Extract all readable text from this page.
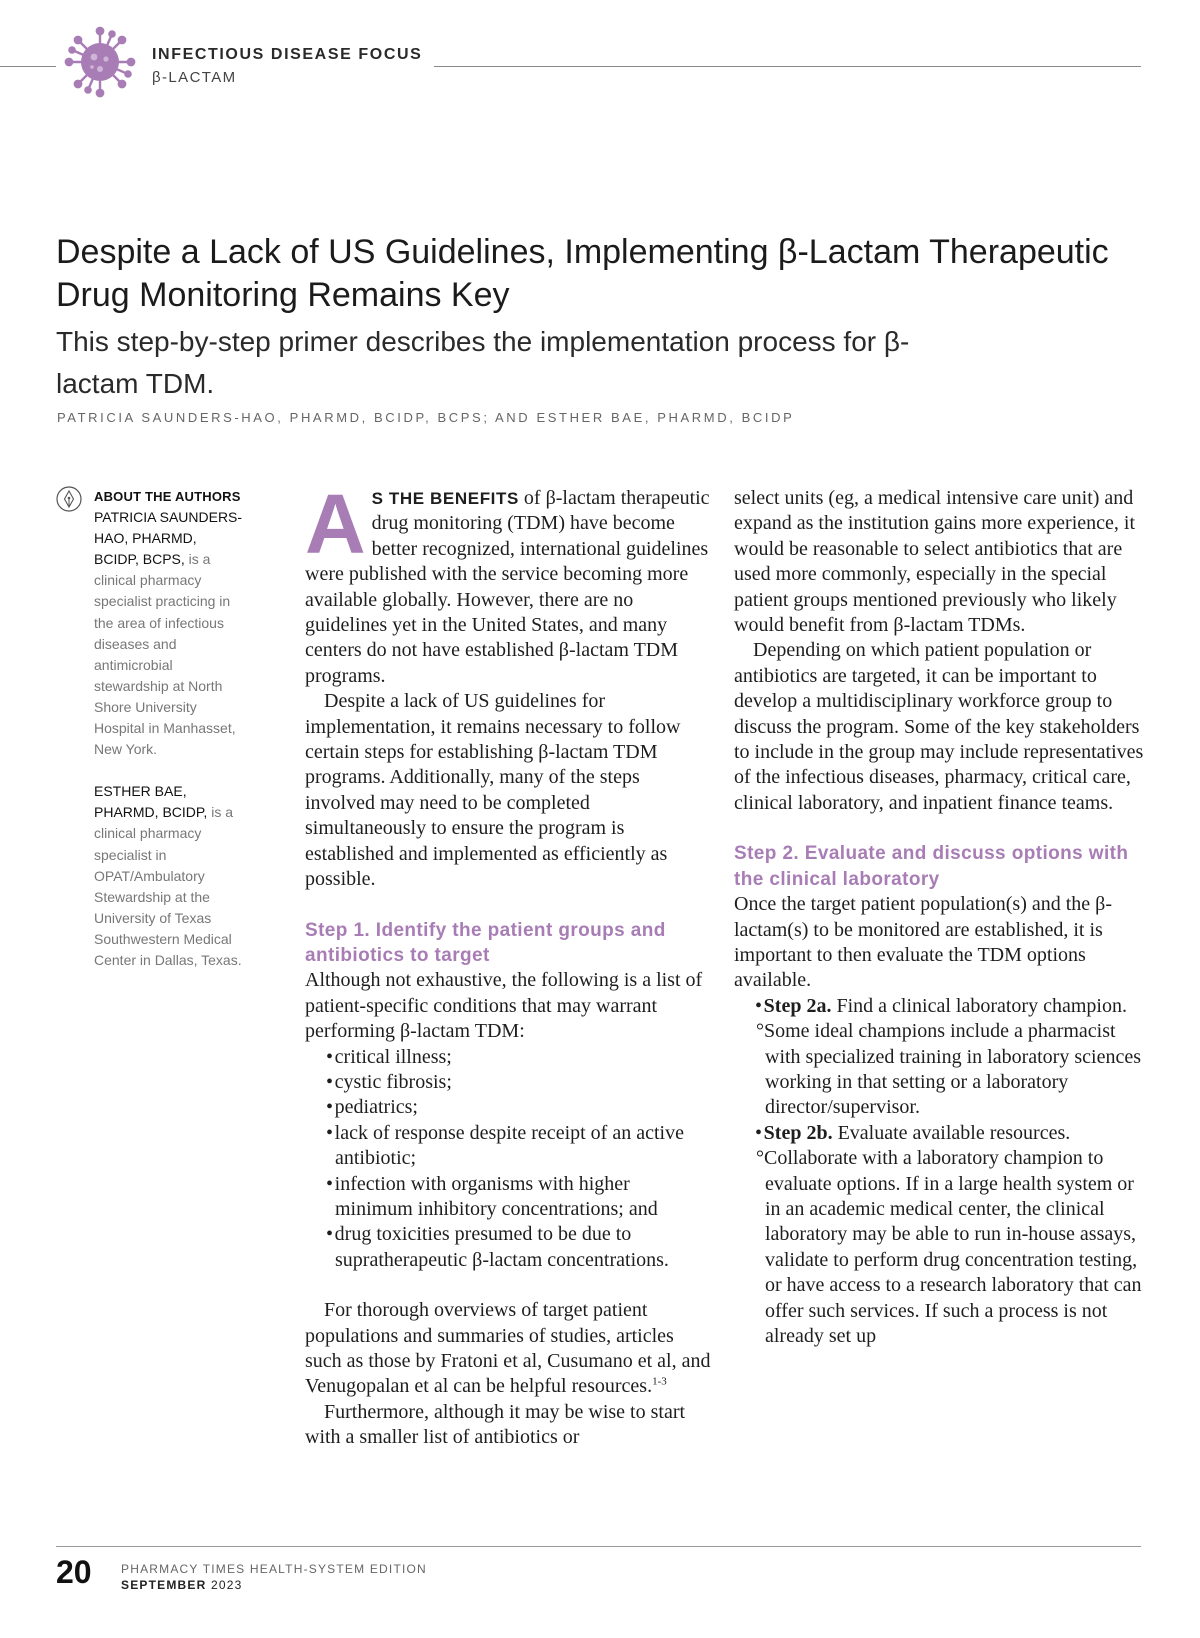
INFECTIOUS DISEASE FOCUS
β-LACTAM
Despite a Lack of US Guidelines, Implementing β-Lactam Therapeutic Drug Monitoring Remains Key

This step-by-step primer describes the implementation process for β-lactam TDM.

PATRICIA SAUNDERS-HAO, PHARMD, BCIDP, BCPS; AND ESTHER BAE, PHARMD, BCIDP
ABOUT THE AUTHORS

PATRICIA SAUNDERS-HAO, PHARMD, BCIDP, BCPS, is a clinical pharmacy specialist practicing in the area of infectious diseases and antimicrobial stewardship at North Shore University Hospital in Manhasset, New York.

ESTHER BAE, PHARMD, BCIDP, is a clinical pharmacy specialist in OPAT/Ambulatory Stewardship at the University of Texas Southwestern Medical Center in Dallas, Texas.

A S THE BENEFITS of β-lactam therapeutic drug monitoring (TDM) have become better recognized, international guidelines were published with the service becoming more available globally. However, there are no guidelines yet in the United States, and many centers do not have established β-lactam TDM programs.

Despite a lack of US guidelines for implementation, it remains necessary to follow certain steps for establishing β-lactam TDM programs. Additionally, many of the steps involved may need to be completed simultaneously to ensure the program is established and implemented as efficiently as possible.

Step 1. Identify the patient groups and antibiotics to target

Although not exhaustive, the following is a list of patient-specific conditions that may warrant performing β-lactam TDM:

• critical illness;

• cystic fibrosis;

• pediatrics;

• lack of response despite receipt of an active antibiotic;

• infection with organisms with higher minimum inhibitory concentrations; and

• drug toxicities presumed to be due to supratherapeutic β-lactam concentrations.

For thorough overviews of target patient populations and summaries of studies, articles such as those by Fratoni et al, Cusumano et al, and Venugopalan et al can be helpful resources.$^{1-3}$

Furthermore, although it may be wise to start with a smaller list of antibiotics or

select units (eg, a medical intensive care unit) and expand as the institution gains more experience, it would be reasonable to select antibiotics that are used more commonly, especially in the special patient groups mentioned previously who likely would benefit from β-lactam TDMs.

Depending on which patient population or antibiotics are targeted, it can be important to develop a multidisciplinary workforce group to discuss the program. Some of the key stakeholders to include in the group may include representatives of the infectious diseases, pharmacy, critical care, clinical laboratory, and inpatient finance teams.

Step 2. Evaluate and discuss options with the clinical laboratory

Once the target patient population(s) and the β-lactam(s) to be monitored are established, it is important to then evaluate the TDM options available.

• Step 2a. Find a clinical laboratory champion.

°Some ideal champions include a pharmacist with specialized training in laboratory sciences working in that setting or a laboratory director/supervisor.

• Step 2b. Evaluate available resources.

°Collaborate with a laboratory champion to evaluate options. If in a large health system or in an academic medical center, the clinical laboratory may be able to run in-house assays, validate to perform drug concentration testing, or have access to a research laboratory that can offer such services. If such a process is not already set up

20 PHARMACY TIMES HEALTH-SYSTEM EDITION
SEPTEMBER 2023
